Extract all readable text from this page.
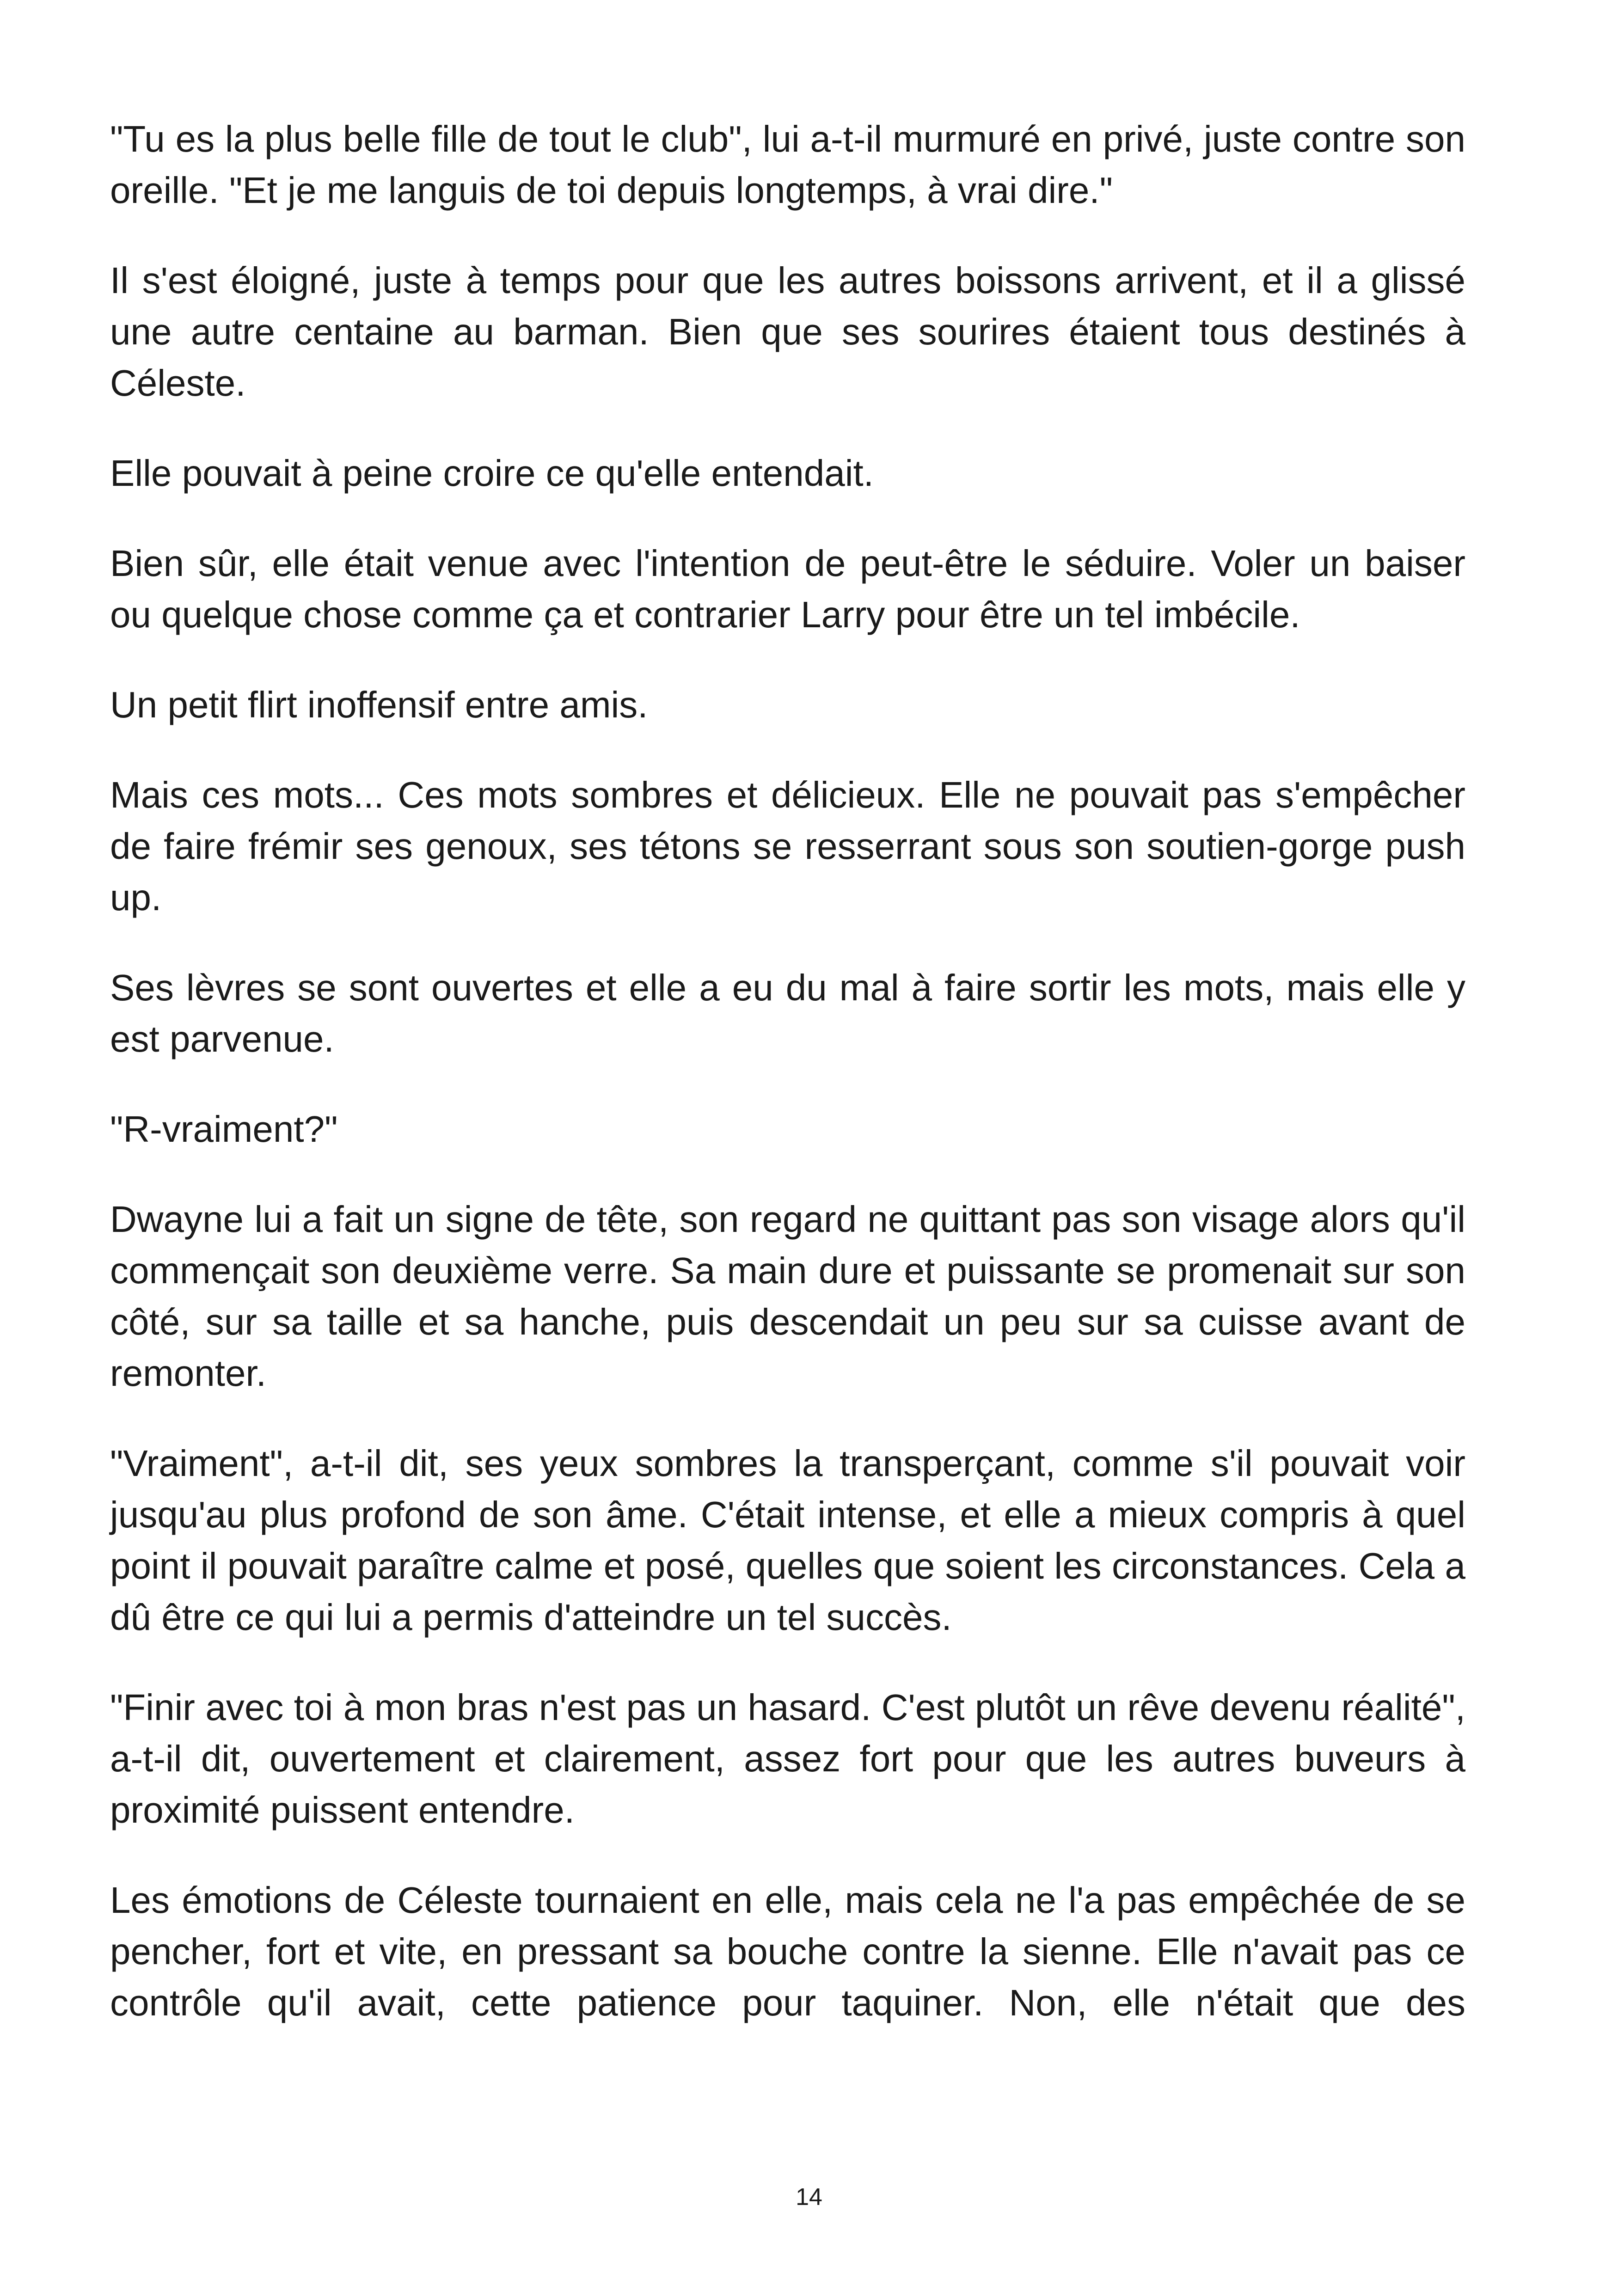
"Tu es la plus belle fille de tout le club", lui a-t-il murmuré en privé, juste contre son oreille. "Et je me languis de toi depuis longtemps, à vrai dire."

Il s'est éloigné, juste à temps pour que les autres boissons arrivent, et il a glissé une autre centaine au barman. Bien que ses sourires étaient tous destinés à Céleste.

Elle pouvait à peine croire ce qu'elle entendait.

Bien sûr, elle était venue avec l'intention de peut-être le séduire. Voler un baiser ou quelque chose comme ça et contrarier Larry pour être un tel imbécile.

Un petit flirt inoffensif entre amis.

Mais ces mots... Ces mots sombres et délicieux. Elle ne pouvait pas s'empêcher de faire frémir ses genoux, ses tétons se resserrant sous son soutien-gorge push up.

Ses lèvres se sont ouvertes et elle a eu du mal à faire sortir les mots, mais elle y est parvenue.

"R-vraiment?"

Dwayne lui a fait un signe de tête, son regard ne quittant pas son visage alors qu'il commençait son deuxième verre. Sa main dure et puissante se promenait sur son côté, sur sa taille et sa hanche, puis descendait un peu sur sa cuisse avant de remonter.

"Vraiment", a-t-il dit, ses yeux sombres la transperçant, comme s'il pouvait voir jusqu'au plus profond de son âme. C'était intense, et elle a mieux compris à quel point il pouvait paraître calme et posé, quelles que soient les circonstances. Cela a dû être ce qui lui a permis d'atteindre un tel succès.

"Finir avec toi à mon bras n'est pas un hasard. C'est plutôt un rêve devenu réalité", a-t-il dit, ouvertement et clairement, assez fort pour que les autres buveurs à proximité puissent entendre.

Les émotions de Céleste tournaient en elle, mais cela ne l'a pas empêchée de se pencher, fort et vite, en pressant sa bouche contre la sienne. Elle n'avait pas ce contrôle qu'il avait, cette patience pour taquiner. Non, elle n'était que des

14
